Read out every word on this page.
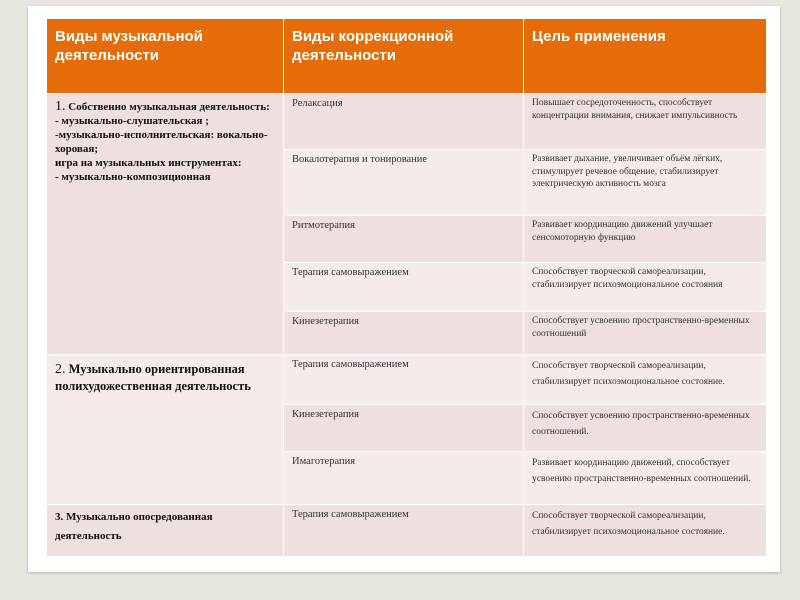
Виды музыкальной деятельности	Виды коррекционной деятельности	Цель применения
1. Собственно музыкальная деятельность:
- музыкально-слушательская ;
-музыкально-исполнительская: вокально-хоровая;
игра на музыкальных инструментах:
- музыкально-композиционная	Релаксация	Повышает сосредоточенность, способствует концентрации внимания, снижает импульсивность
	Вокалотерапия и тонирование	Развивает дыхание, увеличивает объём лёгких, стимулирует речевое общение, стабилизирует электрическую активность мозга
	Ритмотерапия	Развивает координацию движений улучшает сенсомоторную функцию
	Терапия самовыражением	Способствует творческой самореализации, стабилизирует психоэмоциональное состояния
	Кинезетерапия	Способствует усвоению пространственно-временных соотношений
2. Музыкально ориентированная полихудожественная деятельность	Терапия самовыражением	Способствует творческой самореализации, стабилизирует психоэмоциональное состояние.
	Кинезетерапия	Способствует усвоению пространственно-временных соотношений.
	Имаготерапия	Развивает координацию движений, способствует усвоению пространственно-временных соотношений.
3. Музыкально опосредованная деятельность	Терапия самовыражением	Способствует творческой самореализации, стабилизирует психоэмоциональное состояние.
